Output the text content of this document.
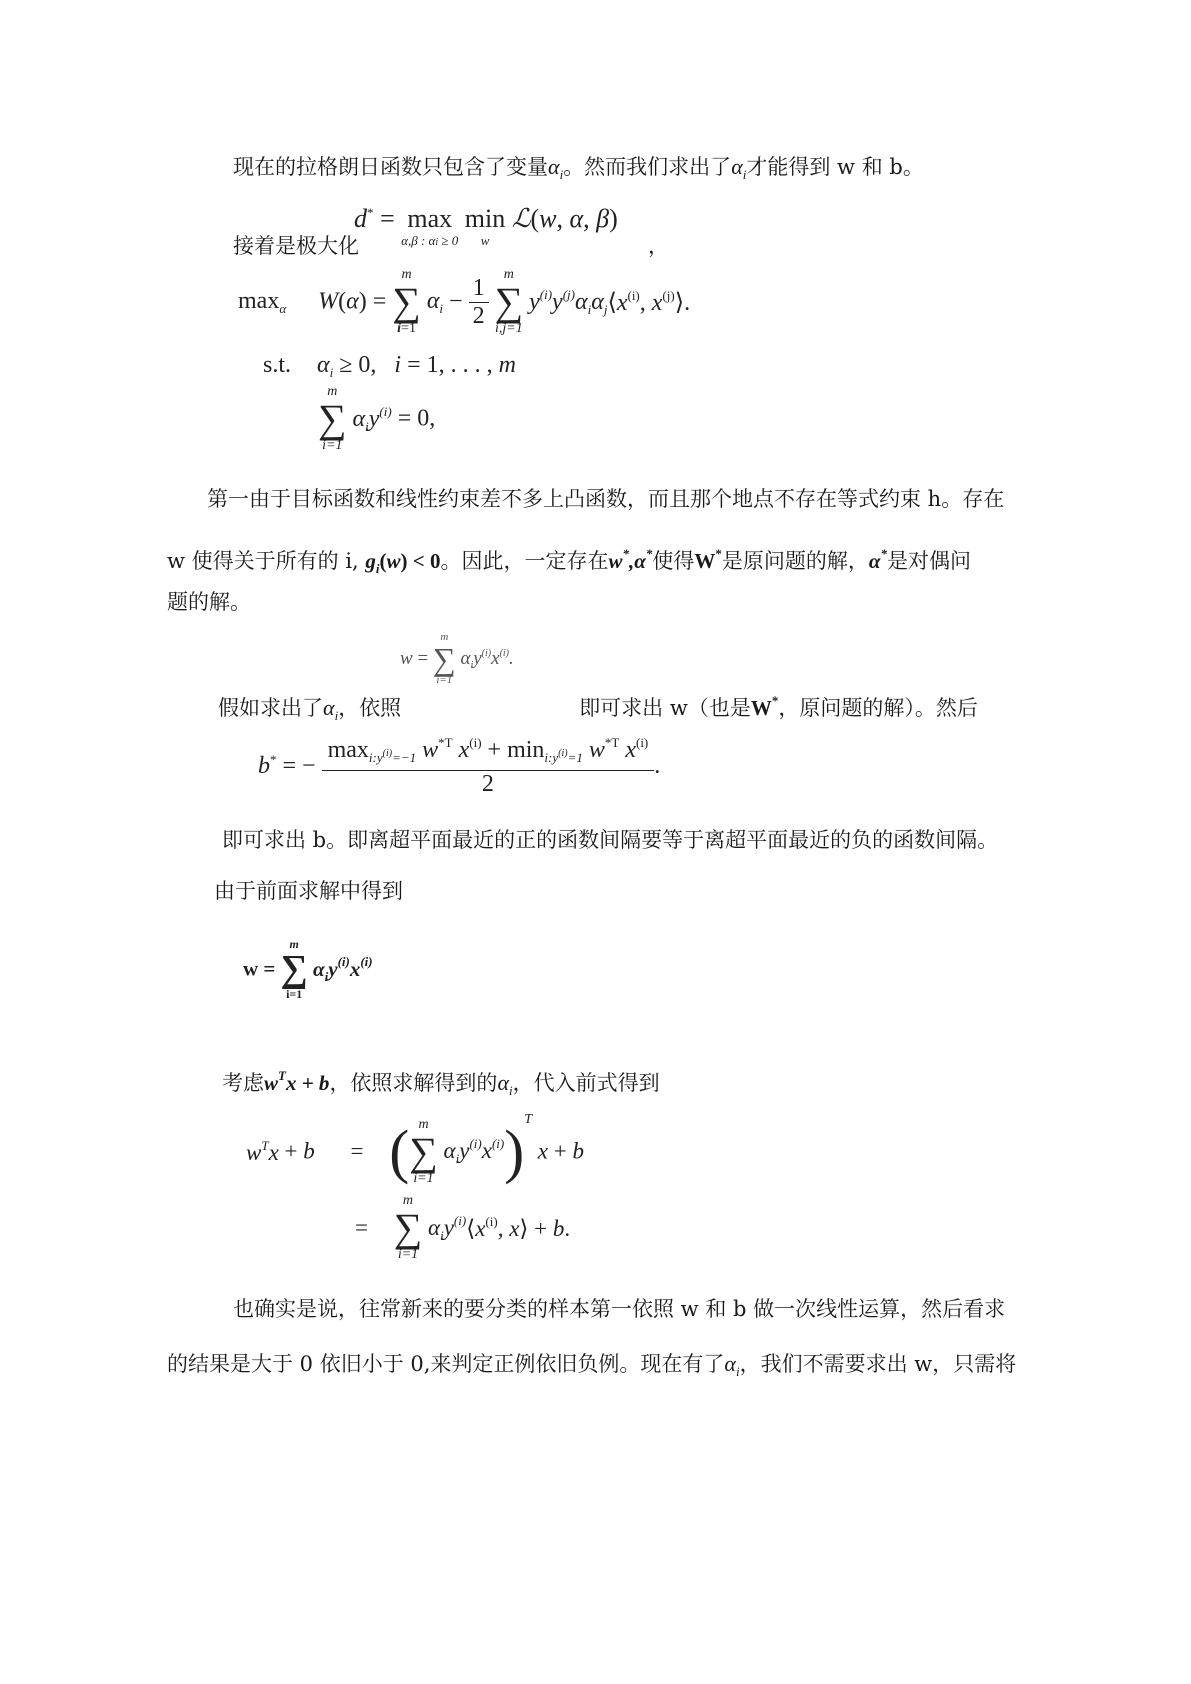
现在的拉格朗日函数只包含了变量$\alpha_i$。然而我们求出了$\alpha_i$才能得到 w 和 b。
接着是极大化
d* = max
α,β : αi ≥ 0

min
w
ℒ(w, α, β)
，
$\max_\alpha W(\alpha)$ =
m
∑
i=1
$\alpha_i - \frac{1}{2}$
	m
∑
i,j=1
$y^{(i)}y^{(j)}\alpha_i\alpha_j⟨x^{(i)}$, $x^{(j)}⟩$.
s.t. $\alpha_i \ge 0$,   i = 1, . . . , m
m
∑
i=1
$\alpha_iy^{(i)} = 0$,
第一由于目标函数和线性约束差不多上凸函数，而且那个地点不存在等式约束 h。存在
w 使得关于所有的 i, $g_i(w) < 0$。因此，一定存在w*,α*使得W*是原问题的解，α*是对偶问
题的解。
w =
m
∑
i=1
$\alpha_iy^{(i)}x^{(i)}$.
假如求出了$\alpha_i$，依照	即可求出 w（也是W*，原问题的解）。然后
b* = − $\frac{\max_{i:y^{(i)}=-1} w^{*T} x^{(i)} + \min_{i:y^{(i)}=1} w^{*T} x^{(i)}}{2}$ .
即可求出 b。即离超平面最近的正的函数间隔要等于离超平面最近的负的函数间隔。
由于前面求解中得到
w =
m
∑
i=1
$\alpha_iy^{(i)}x^{(i)}$
考虑$w^Tx + b$，依照求解得到的$\alpha_i$，代入前式得到
$w^Tx + b$ = ( m
∑
i=1
$\alpha_iy^{(i)}x^{(i)})^T$ x + b
=
m
∑
i=1
$\alpha_iy^{(i)}⟨x^{(i)}$, x⟩ + b.
也确实是说，往常新来的要分类的样本第一依照 w 和 b 做一次线性运算，然后看求
的结果是大于 0 依旧小于 0,来判定正例依旧负例。现在有了$\alpha_i$，我们不需要求出 w，只需将
